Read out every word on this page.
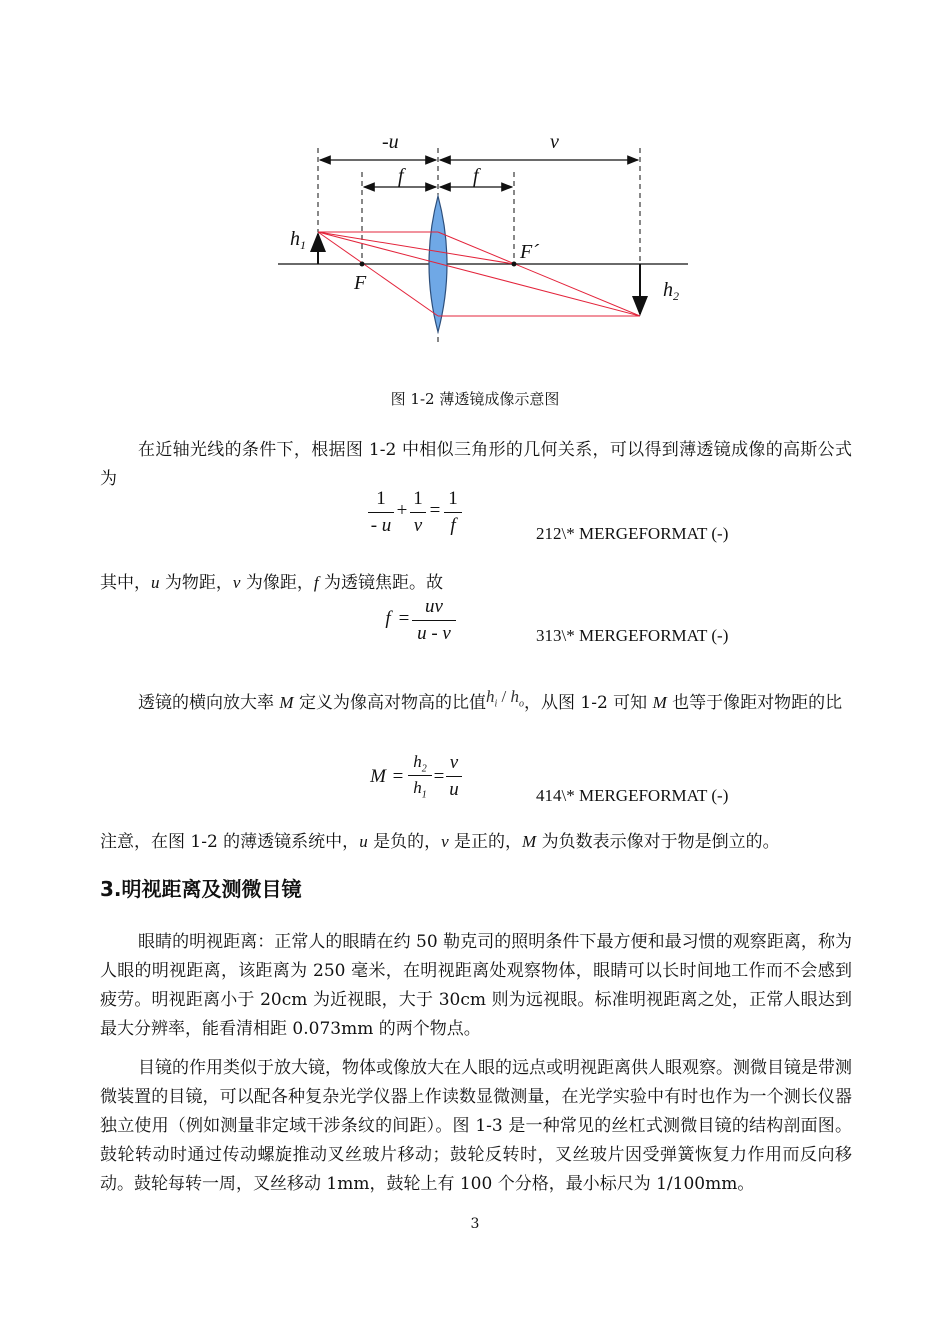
-u	v
f	f
$h_1$
F
F´
$h_2$
图 1-2 薄透镜成像示意图
在近轴光线的条件下，根据图 1-2 中相似三角形的几何关系，可以得到薄透镜成像的高斯公式为
$\frac{1}{- u} + \frac{1}{v} = \frac{1}{f}$	212\* MERGEFORMAT (-)
其中，u 为物距，v 为像距，f 为透镜焦距。故
$f = \frac{uv}{u - v}$	313\* MERGEFORMAT (-)
透镜的横向放大率 M 定义为像高对物高的比值$h_i / h_o$，从图 1-2 可知 M 也等于像距对物距的比
$M = \frac{h_2}{h_1} = \frac{v}{u}$	414\* MERGEFORMAT (-)
注意，在图 1-2 的薄透镜系统中，u 是负的，v 是正的，M 为负数表示像对于物是倒立的。
3.明视距离及测微目镜
眼睛的明视距离：正常人的眼睛在约 50 勒克司的照明条件下最方便和最习惯的观察距离，称为人眼的明视距离，该距离为 250 毫米，在明视距离处观察物体，眼睛可以长时间地工作而不会感到疲劳。明视距离小于 20cm 为近视眼，大于 30cm 则为远视眼。标准明视距离之处，正常人眼达到最大分辨率，能看清相距 0.073mm 的两个物点。
目镜的作用类似于放大镜，物体或像放大在人眼的远点或明视距离供人眼观察。测微目镜是带测微装置的目镜，可以配各种复杂光学仪器上作读数显微测量，在光学实验中有时也作为一个测长仪器独立使用（例如测量非定域干涉条纹的间距）。图 1-3 是一种常见的丝杠式测微目镜的结构剖面图。鼓轮转动时通过传动螺旋推动叉丝玻片移动；鼓轮反转时，叉丝玻片因受弹簧恢复力作用而反向移动。鼓轮每转一周，叉丝移动 1mm，鼓轮上有 100 个分格，最小标尺为 1/100mm。
3
